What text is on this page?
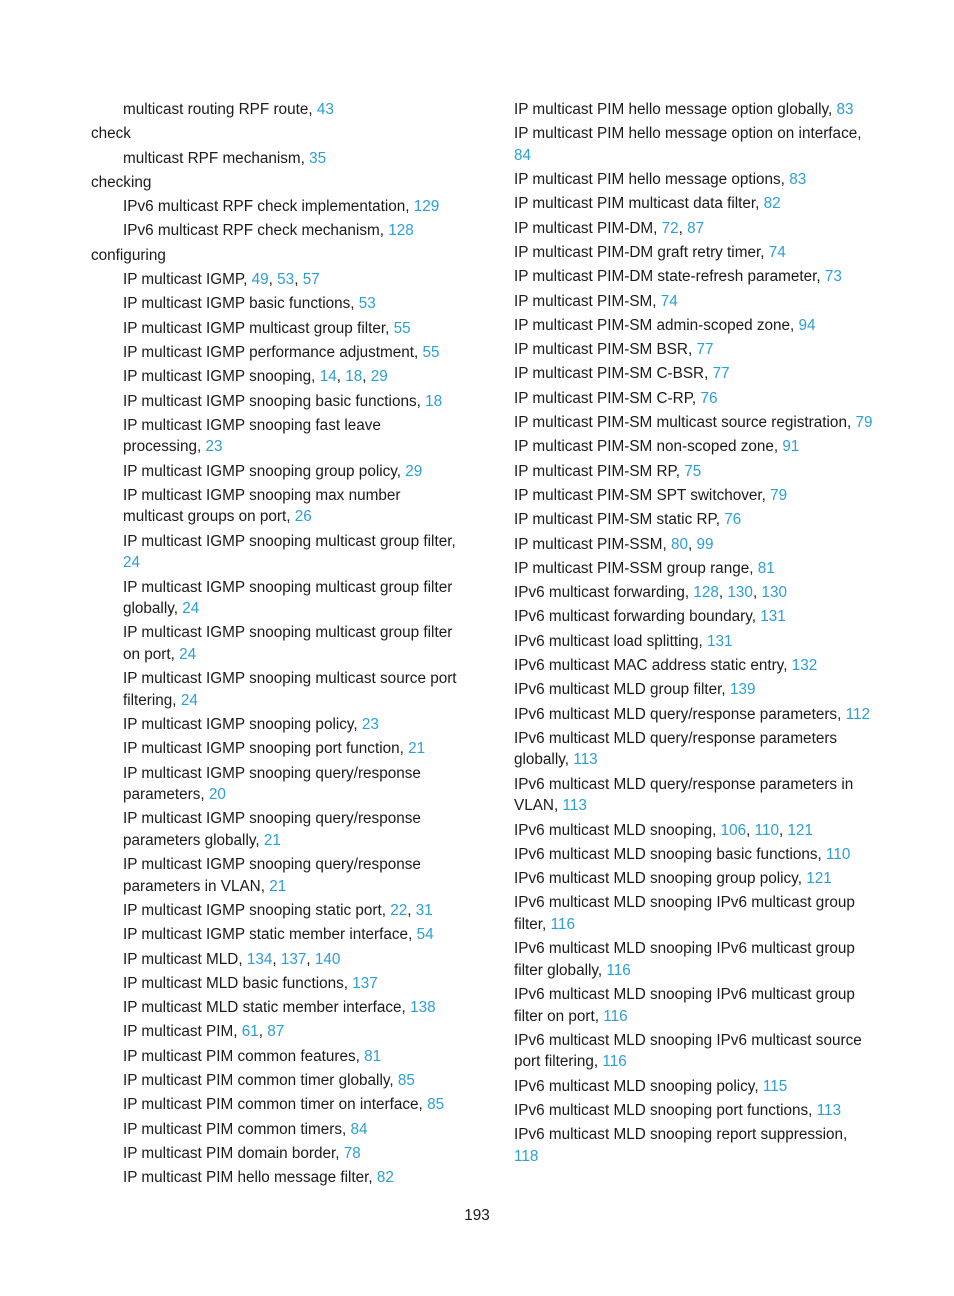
multicast routing RPF route, 43
check
multicast RPF mechanism, 35
checking
IPv6 multicast RPF check implementation, 129
IPv6 multicast RPF check mechanism, 128
configuring
IP multicast IGMP, 49, 53, 57
IP multicast IGMP basic functions, 53
IP multicast IGMP multicast group filter, 55
IP multicast IGMP performance adjustment, 55
IP multicast IGMP snooping, 14, 18, 29
IP multicast IGMP snooping basic functions, 18
IP multicast IGMP snooping fast leave processing, 23
IP multicast IGMP snooping group policy, 29
IP multicast IGMP snooping max number multicast groups on port, 26
IP multicast IGMP snooping multicast group filter, 24
IP multicast IGMP snooping multicast group filter globally, 24
IP multicast IGMP snooping multicast group filter on port, 24
IP multicast IGMP snooping multicast source port filtering, 24
IP multicast IGMP snooping policy, 23
IP multicast IGMP snooping port function, 21
IP multicast IGMP snooping query/response parameters, 20
IP multicast IGMP snooping query/response parameters globally, 21
IP multicast IGMP snooping query/response parameters in VLAN, 21
IP multicast IGMP snooping static port, 22, 31
IP multicast IGMP static member interface, 54
IP multicast MLD, 134, 137, 140
IP multicast MLD basic functions, 137
IP multicast MLD static member interface, 138
IP multicast PIM, 61, 87
IP multicast PIM common features, 81
IP multicast PIM common timer globally, 85
IP multicast PIM common timer on interface, 85
IP multicast PIM common timers, 84
IP multicast PIM domain border, 78
IP multicast PIM hello message filter, 82
IP multicast PIM hello message option globally, 83
IP multicast PIM hello message option on interface, 84
IP multicast PIM hello message options, 83
IP multicast PIM multicast data filter, 82
IP multicast PIM-DM, 72, 87
IP multicast PIM-DM graft retry timer, 74
IP multicast PIM-DM state-refresh parameter, 73
IP multicast PIM-SM, 74
IP multicast PIM-SM admin-scoped zone, 94
IP multicast PIM-SM BSR, 77
IP multicast PIM-SM C-BSR, 77
IP multicast PIM-SM C-RP, 76
IP multicast PIM-SM multicast source registration, 79
IP multicast PIM-SM non-scoped zone, 91
IP multicast PIM-SM RP, 75
IP multicast PIM-SM SPT switchover, 79
IP multicast PIM-SM static RP, 76
IP multicast PIM-SSM, 80, 99
IP multicast PIM-SSM group range, 81
IPv6 multicast forwarding, 128, 130, 130
IPv6 multicast forwarding boundary, 131
IPv6 multicast load splitting, 131
IPv6 multicast MAC address static entry, 132
IPv6 multicast MLD group filter, 139
IPv6 multicast MLD query/response parameters, 112
IPv6 multicast MLD query/response parameters globally, 113
IPv6 multicast MLD query/response parameters in VLAN, 113
IPv6 multicast MLD snooping, 106, 110, 121
IPv6 multicast MLD snooping basic functions, 110
IPv6 multicast MLD snooping group policy, 121
IPv6 multicast MLD snooping IPv6 multicast group filter, 116
IPv6 multicast MLD snooping IPv6 multicast group filter globally, 116
IPv6 multicast MLD snooping IPv6 multicast group filter on port, 116
IPv6 multicast MLD snooping IPv6 multicast source port filtering, 116
IPv6 multicast MLD snooping policy, 115
IPv6 multicast MLD snooping port functions, 113
IPv6 multicast MLD snooping report suppression, 118
193
